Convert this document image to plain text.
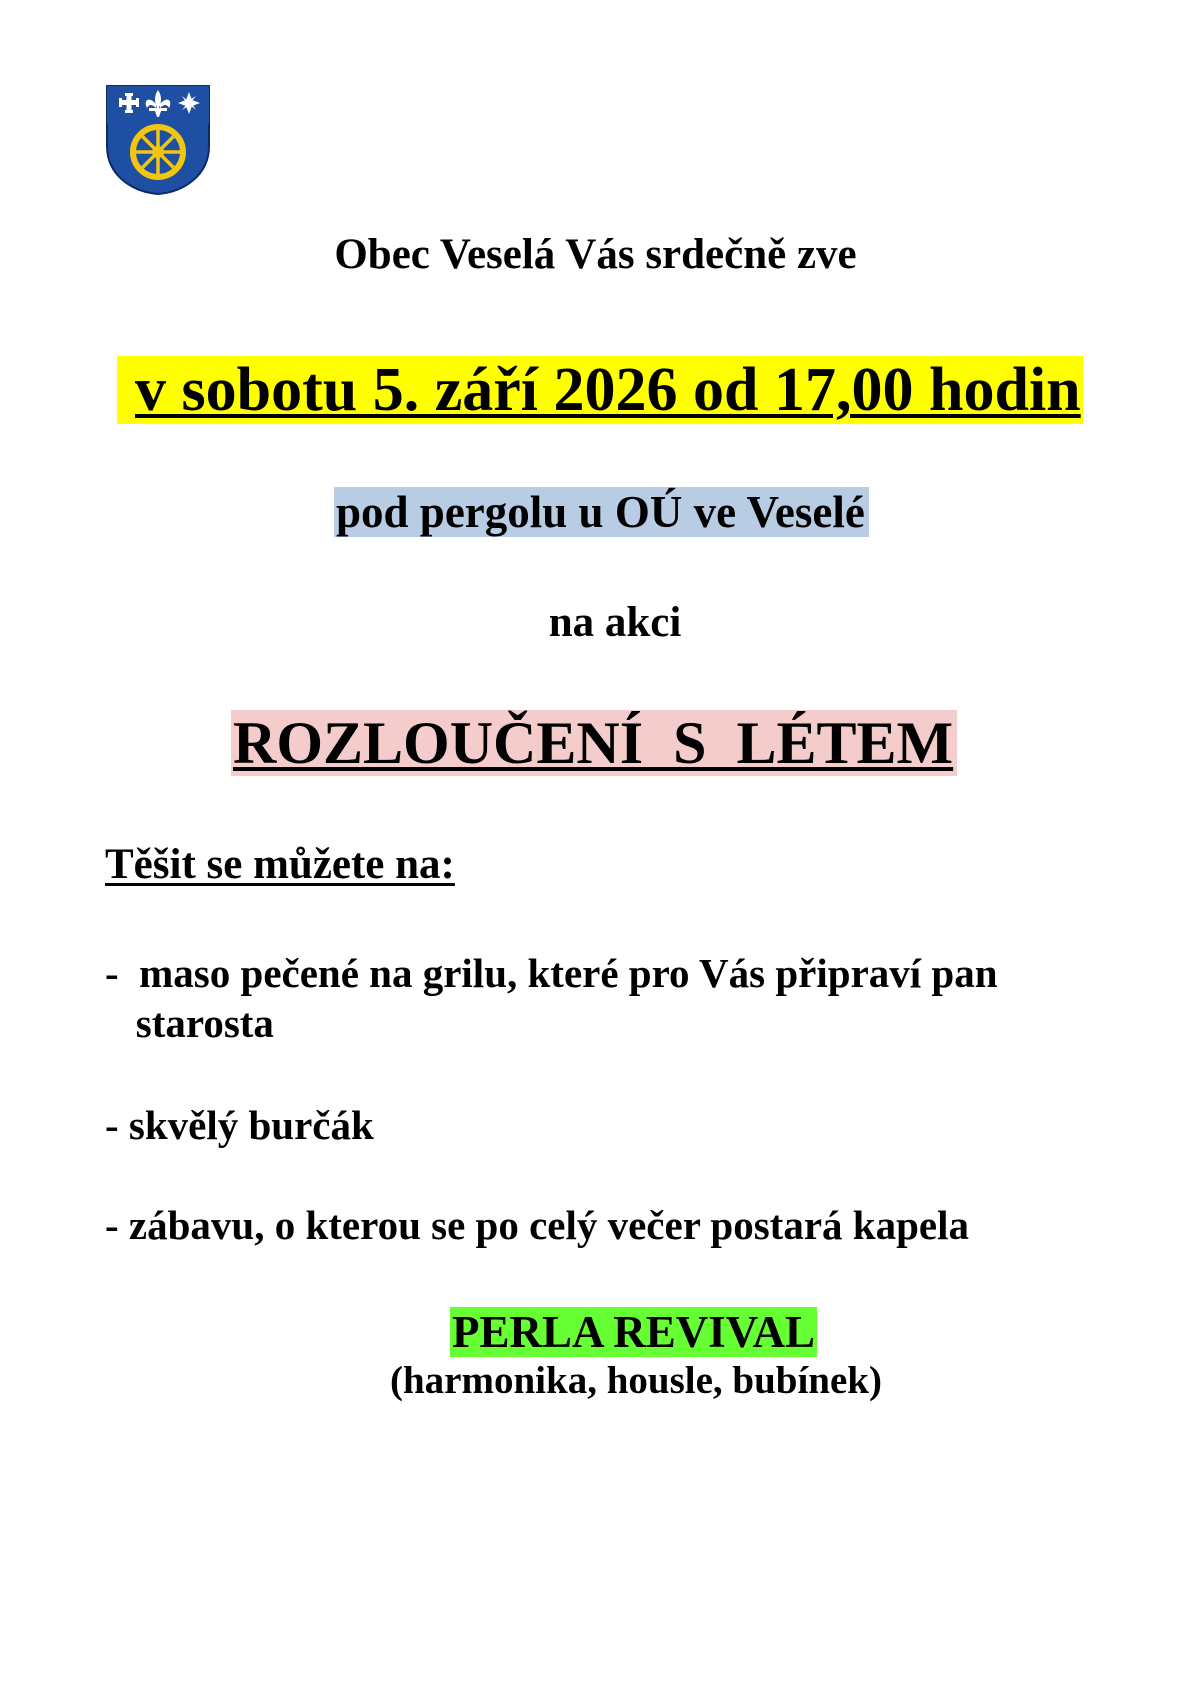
Obec Veselá Vás srdečně zve
v sobotu 5. září 2026 od 17,00 hodin
pod pergolu u OÚ ve Veselé
na akci
ROZLOUČENÍ  S  LÉTEM
Těšit se můžete na:
-  maso pečené na grilu, které pro Vás připraví pan
starosta
- skvělý burčák
- zábavu, o kterou se po celý večer postará kapela
PERLA REVIVAL
(harmonika, housle, bubínek)
